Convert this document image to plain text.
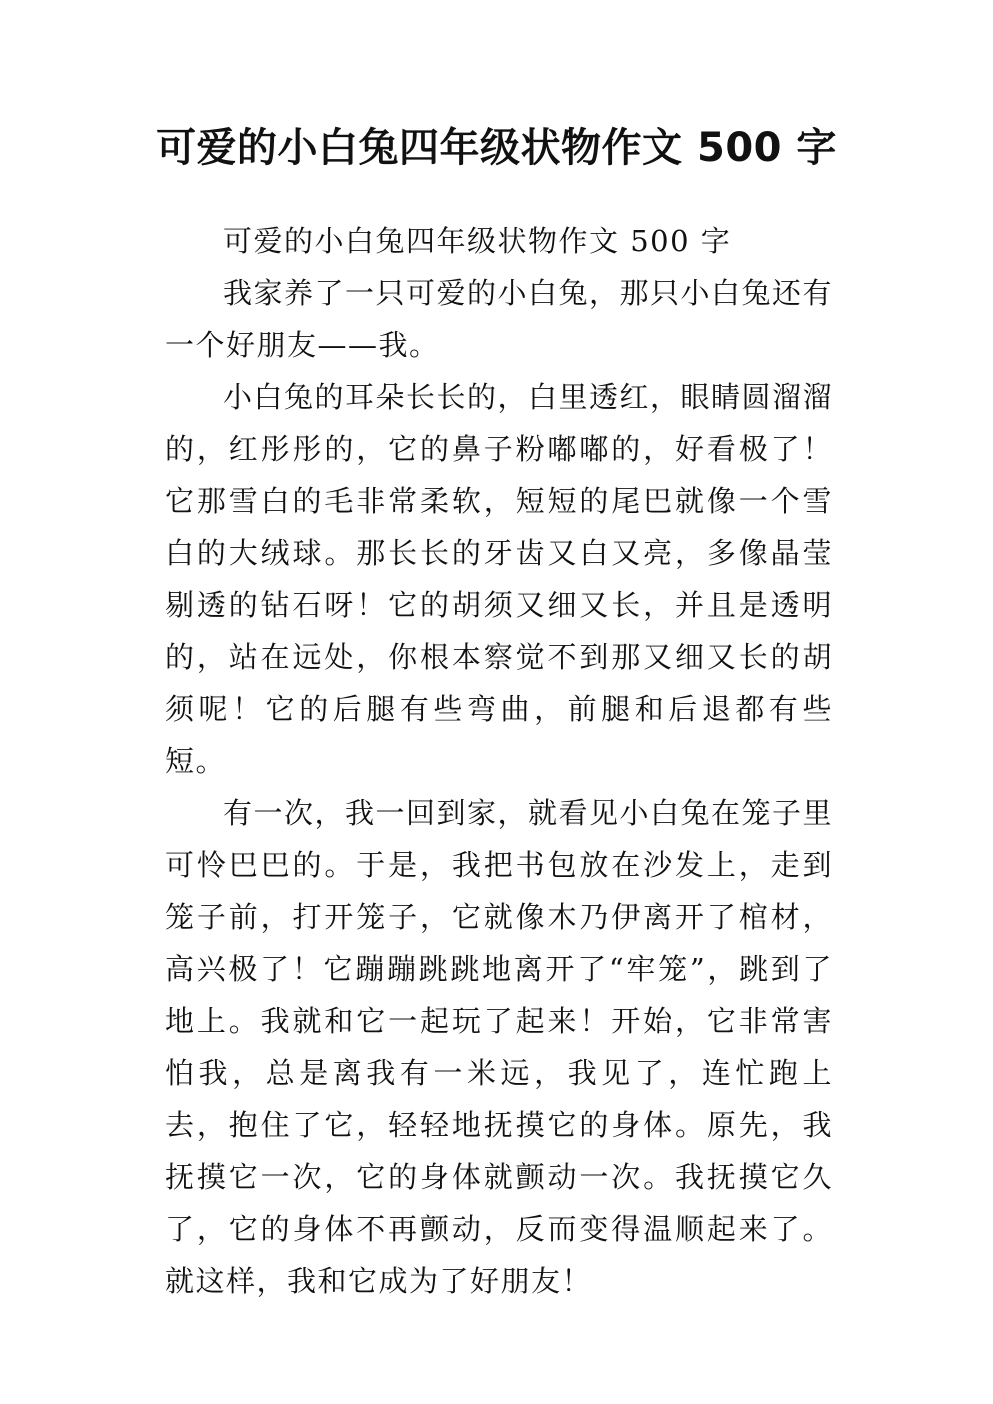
可爱的小白兔四年级状物作文 500 字

可爱的小白兔四年级状物作文 500 字

我家养了一只可爱的小白兔，那只小白兔还有一个好朋友——我。

小白兔的耳朵长长的，白里透红，眼睛圆溜溜的，红彤彤的，它的鼻子粉嘟嘟的，好看极了！它那雪白的毛非常柔软，短短的尾巴就像一个雪白的大绒球。那长长的牙齿又白又亮，多像晶莹剔透的钻石呀！它的胡须又细又长，并且是透明的，站在远处，你根本察觉不到那又细又长的胡须呢！它的后腿有些弯曲，前腿和后退都有些短。

有一次，我一回到家，就看见小白兔在笼子里可怜巴巴的。于是，我把书包放在沙发上，走到笼子前，打开笼子，它就像木乃伊离开了棺材，高兴极了！它蹦蹦跳跳地离开了“牢笼”，跳到了地上。我就和它一起玩了起来！开始，它非常害怕我，总是离我有一米远，我见了，连忙跑上去，抱住了它，轻轻地抚摸它的身体。原先，我抚摸它一次，它的身体就颤动一次。我抚摸它久了，它的身体不再颤动，反而变得温顺起来了。就这样，我和它成为了好朋友！
